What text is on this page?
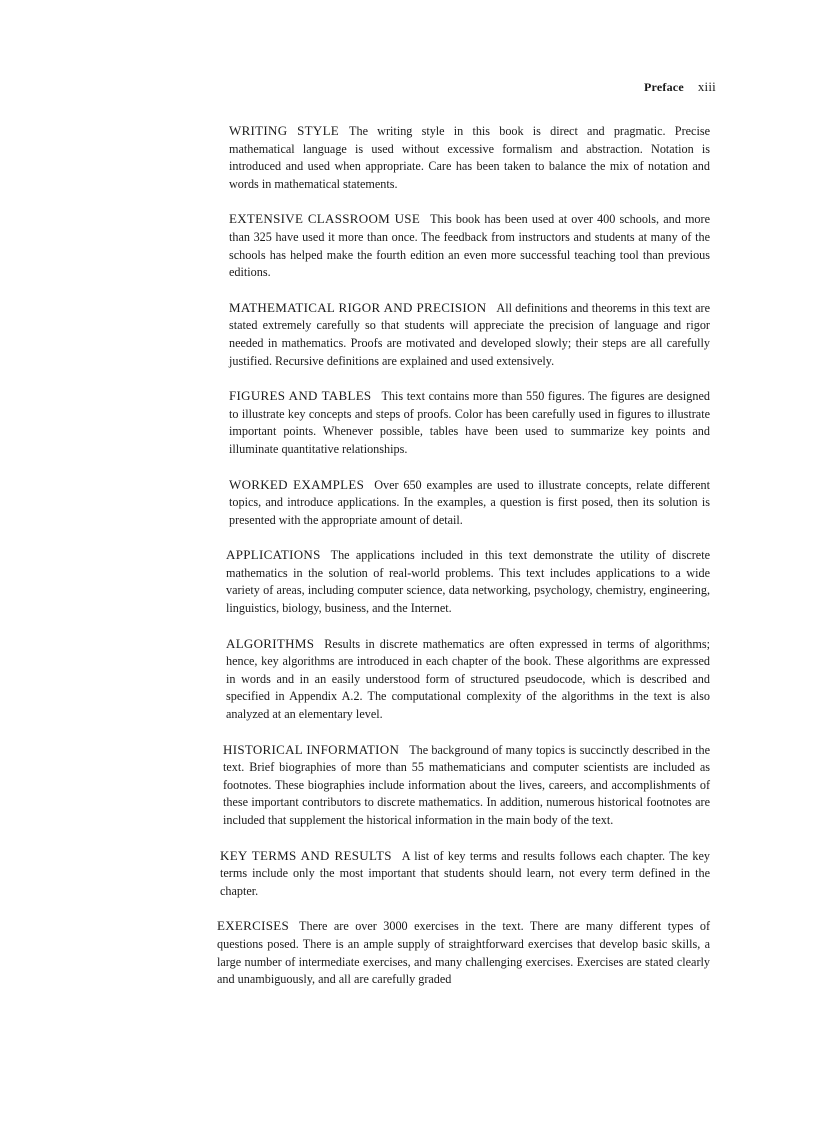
Preface xiii

WRITING STYLE The writing style in this book is direct and pragmatic. Precise mathematical language is used without excessive formalism and abstraction. Notation is introduced and used when appropriate. Care has been taken to balance the mix of notation and words in mathematical statements.

EXTENSIVE CLASSROOM USE This book has been used at over 400 schools, and more than 325 have used it more than once. The feedback from instructors and students at many of the schools has helped make the fourth edition an even more successful teaching tool than previous editions.

MATHEMATICAL RIGOR AND PRECISION All definitions and theorems in this text are stated extremely carefully so that students will appreciate the precision of language and rigor needed in mathematics. Proofs are motivated and developed slowly; their steps are all carefully justified. Recursive definitions are explained and used extensively.

FIGURES AND TABLES This text contains more than 550 figures. The figures are designed to illustrate key concepts and steps of proofs. Color has been carefully used in figures to illustrate important points. Whenever possible, tables have been used to summarize key points and illuminate quantitative relationships.

WORKED EXAMPLES Over 650 examples are used to illustrate concepts, relate different topics, and introduce applications. In the examples, a question is first posed, then its solution is presented with the appropriate amount of detail.

APPLICATIONS The applications included in this text demonstrate the utility of discrete mathematics in the solution of real-world problems. This text includes applications to a wide variety of areas, including computer science, data networking, psychology, chemistry, engineering, linguistics, biology, business, and the Internet.

ALGORITHMS Results in discrete mathematics are often expressed in terms of algorithms; hence, key algorithms are introduced in each chapter of the book. These algorithms are expressed in words and in an easily understood form of structured pseudocode, which is described and specified in Appendix A.2. The computational complexity of the algorithms in the text is also analyzed at an elementary level.

HISTORICAL INFORMATION The background of many topics is succinctly described in the text. Brief biographies of more than 55 mathematicians and computer scientists are included as footnotes. These biographies include information about the lives, careers, and accomplishments of these important contributors to discrete mathematics. In addition, numerous historical footnotes are included that supplement the historical information in the main body of the text.

KEY TERMS AND RESULTS A list of key terms and results follows each chapter. The key terms include only the most important that students should learn, not every term defined in the chapter.

EXERCISES There are over 3000 exercises in the text. There are many different types of questions posed. There is an ample supply of straightforward exercises that develop basic skills, a large number of intermediate exercises, and many challenging exercises. Exercises are stated clearly and unambiguously, and all are carefully graded
